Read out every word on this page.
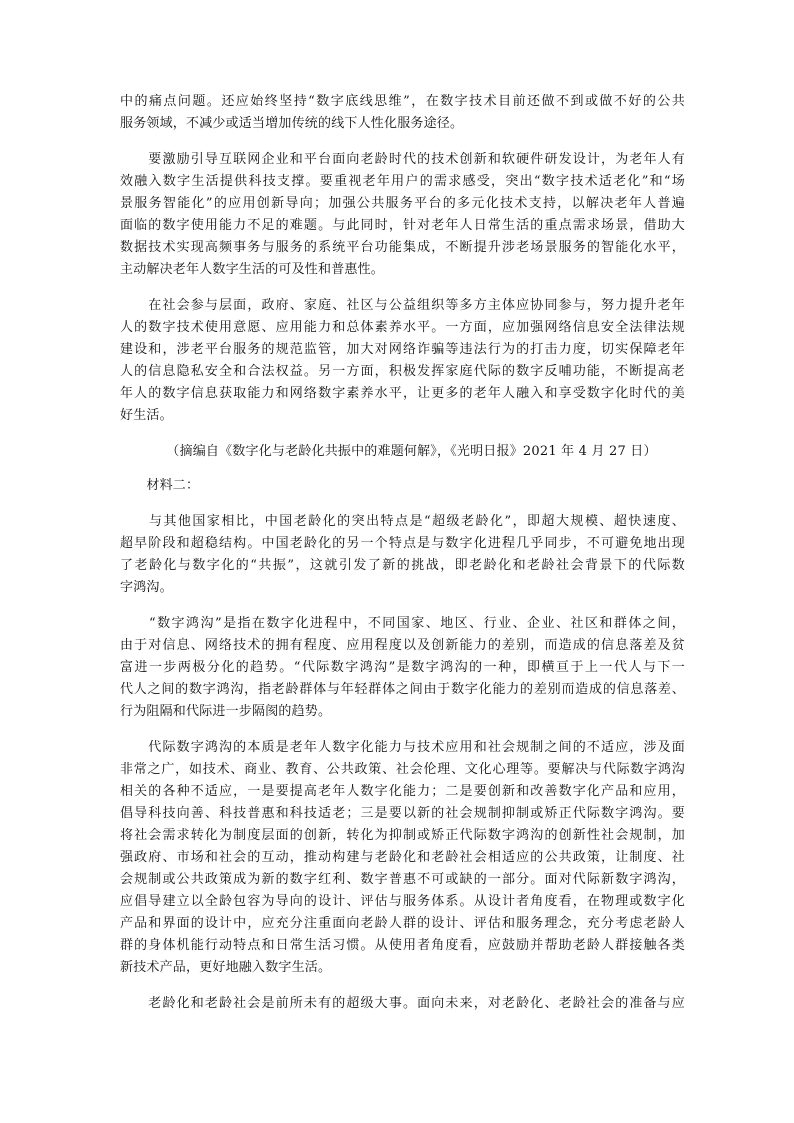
中的痛点问题。还应始终坚持“数字底线思维”，在数字技术目前还做不到或做不好的公共
服务领域，不减少或适当增加传统的线下人性化服务途径。
　　要激励引导互联网企业和平台面向老龄时代的技术创新和软硬件研发设计，为老年人有
效融入数字生活提供科技支撑。要重视老年用户的需求感受，突出“数字技术适老化”和“场
景服务智能化”的应用创新导向；加强公共服务平台的多元化技术支持，以解决老年人普遍
面临的数字使用能力不足的难题。与此同时，针对老年人日常生活的重点需求场景，借助大
数据技术实现高频事务与服务的系统平台功能集成，不断提升涉老场景服务的智能化水平，
主动解决老年人数字生活的可及性和普惠性。
　　在社会参与层面，政府、家庭、社区与公益组织等多方主体应协同参与，努力提升老年
人的数字技术使用意愿、应用能力和总体素养水平。一方面，应加强网络信息安全法律法规
建设和，涉老平台服务的规范监管，加大对网络诈骗等违法行为的打击力度，切实保障老年
人的信息隐私安全和合法权益。另一方面，积极发挥家庭代际的数字反哺功能，不断提高老
年人的数字信息获取能力和网络数字素养水平，让更多的老年人融入和享受数字化时代的美
好生活。
　　　　（摘编自《数字化与老龄化共振中的难题何解》，《光明日报》2021 年 4 月 27 日）
　　材料二：
　　与其他国家相比，中国老龄化的突出特点是“超级老龄化”，即超大规模、超快速度、
超早阶段和超稳结构。中国老龄化的另一个特点是与数字化进程几乎同步，不可避免地出现
了老龄化与数字化的“共振”，这就引发了新的挑战，即老龄化和老龄社会背景下的代际数
字鸿沟。
　　“数字鸿沟”是指在数字化进程中，不同国家、地区、行业、企业、社区和群体之间，
由于对信息、网络技术的拥有程度、应用程度以及创新能力的差别，而造成的信息落差及贫
富进一步两极分化的趋势。“代际数字鸿沟”是数字鸿沟的一种，即横亘于上一代人与下一
代人之间的数字鸿沟，指老龄群体与年轻群体之间由于数字化能力的差别而造成的信息落差、
行为阻隔和代际进一步隔阂的趋势。
　　代际数字鸿沟的本质是老年人数字化能力与技术应用和社会规制之间的不适应，涉及面
非常之广，如技术、商业、教育、公共政策、社会伦理、文化心理等。要解决与代际数字鸿沟
相关的各种不适应，一是要提高老年人数字化能力；二是要创新和改善数字化产品和应用，
倡导科技向善、科技普惠和科技适老；三是要以新的社会规制抑制或矫正代际数字鸿沟。要
将社会需求转化为制度层面的创新，转化为抑制或矫正代际数字鸿沟的创新性社会规制，加
强政府、市场和社会的互动，推动构建与老龄化和老龄社会相适应的公共政策，让制度、社
会规制或公共政策成为新的数字红利、数字普惠不可或缺的一部分。面对代际新数字鸿沟，
应倡导建立以全龄包容为导向的设计、评估与服务体系。从设计者角度看，在物理或数字化
产品和界面的设计中，应充分注重面向老龄人群的设计、评估和服务理念，充分考虑老龄人
群的身体机能行动特点和日常生活习惯。从使用者角度看，应鼓励并帮助老龄人群接触各类
新技术产品，更好地融入数字生活。
　　老龄化和老龄社会是前所未有的超级大事。面向未来，对老龄化、老龄社会的准备与应
